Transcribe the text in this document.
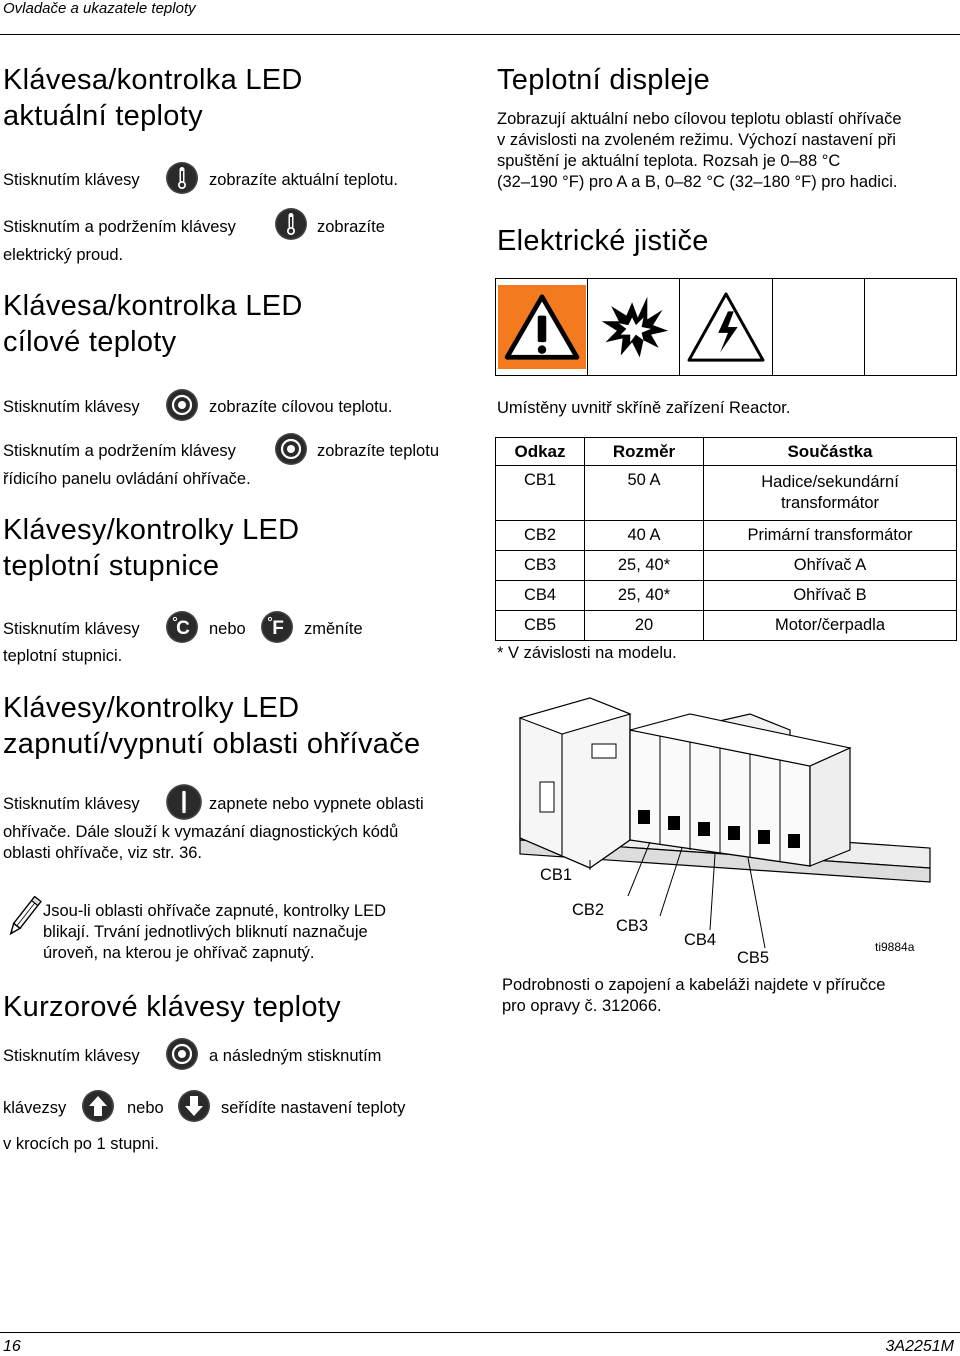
Ovladače a ukazatele teploty
Klávesa/kontrolka LED
aktuální teploty
Stisknutím klávesy	zobrazíte aktuální teplotu.
Stisknutím a podržením klávesy	zobrazíte
elektrický proud.
Klávesa/kontrolka LED
cílové teploty
Stisknutím klávesy	zobrazíte cílovou teplotu.
Stisknutím a podržením klávesy	zobrazíte teplotu
řídicího panelu ovládání ohřívače.
Klávesy/kontrolky LED
teplotní stupnice
Stisknutím klávesy C nebo F změníte
teplotní stupnici.
Klávesy/kontrolky LED
zapnutí/vypnutí oblasti ohřívače
Stisknutím klávesy	zapnete nebo vypnete oblasti
ohřívače. Dále slouží k vymazání diagnostických kódů
oblasti ohřívače, viz str. 36.
Jsou-li oblasti ohřívače zapnuté, kontrolky LED
blikají. Trvání jednotlivých bliknutí naznačuje
úroveň, na kterou je ohřívač zapnutý.
Kurzorové klávesy teploty
Stisknutím klávesy	a následným stisknutím
klávezsy	nebo	seřídíte nastavení teploty
v krocích po 1 stupni.
Teplotní displeje
Zobrazují aktuální nebo cílovou teplotu oblastí ohřívače
v závislosti na zvoleném režimu. Výchozí nastavení při
spuštění je aktuální teplota. Rozsah je 0–88 °C
(32–190 °F) pro A a B, 0–82 °C (32–180 °F) pro hadici.
Elektrické jističe
Umístěny uvnitř skříně zařízení Reactor.
Odkaz	Rozměr	Součástka
CB1	50 A	Hadice/sekundární transformátor
CB2	40 A	Primární transformátor
CB3	25, 40*	Ohřívač A
CB4	25, 40*	Ohřívač B
CB5	20	Motor/čerpadla
* V závislosti na modelu.
CB1
CB2
CB3
CB4
CB5
ti9884a
Podrobnosti o zapojení a kabeláži najdete v příručce
pro opravy č. 312066.
16	3A2251M
